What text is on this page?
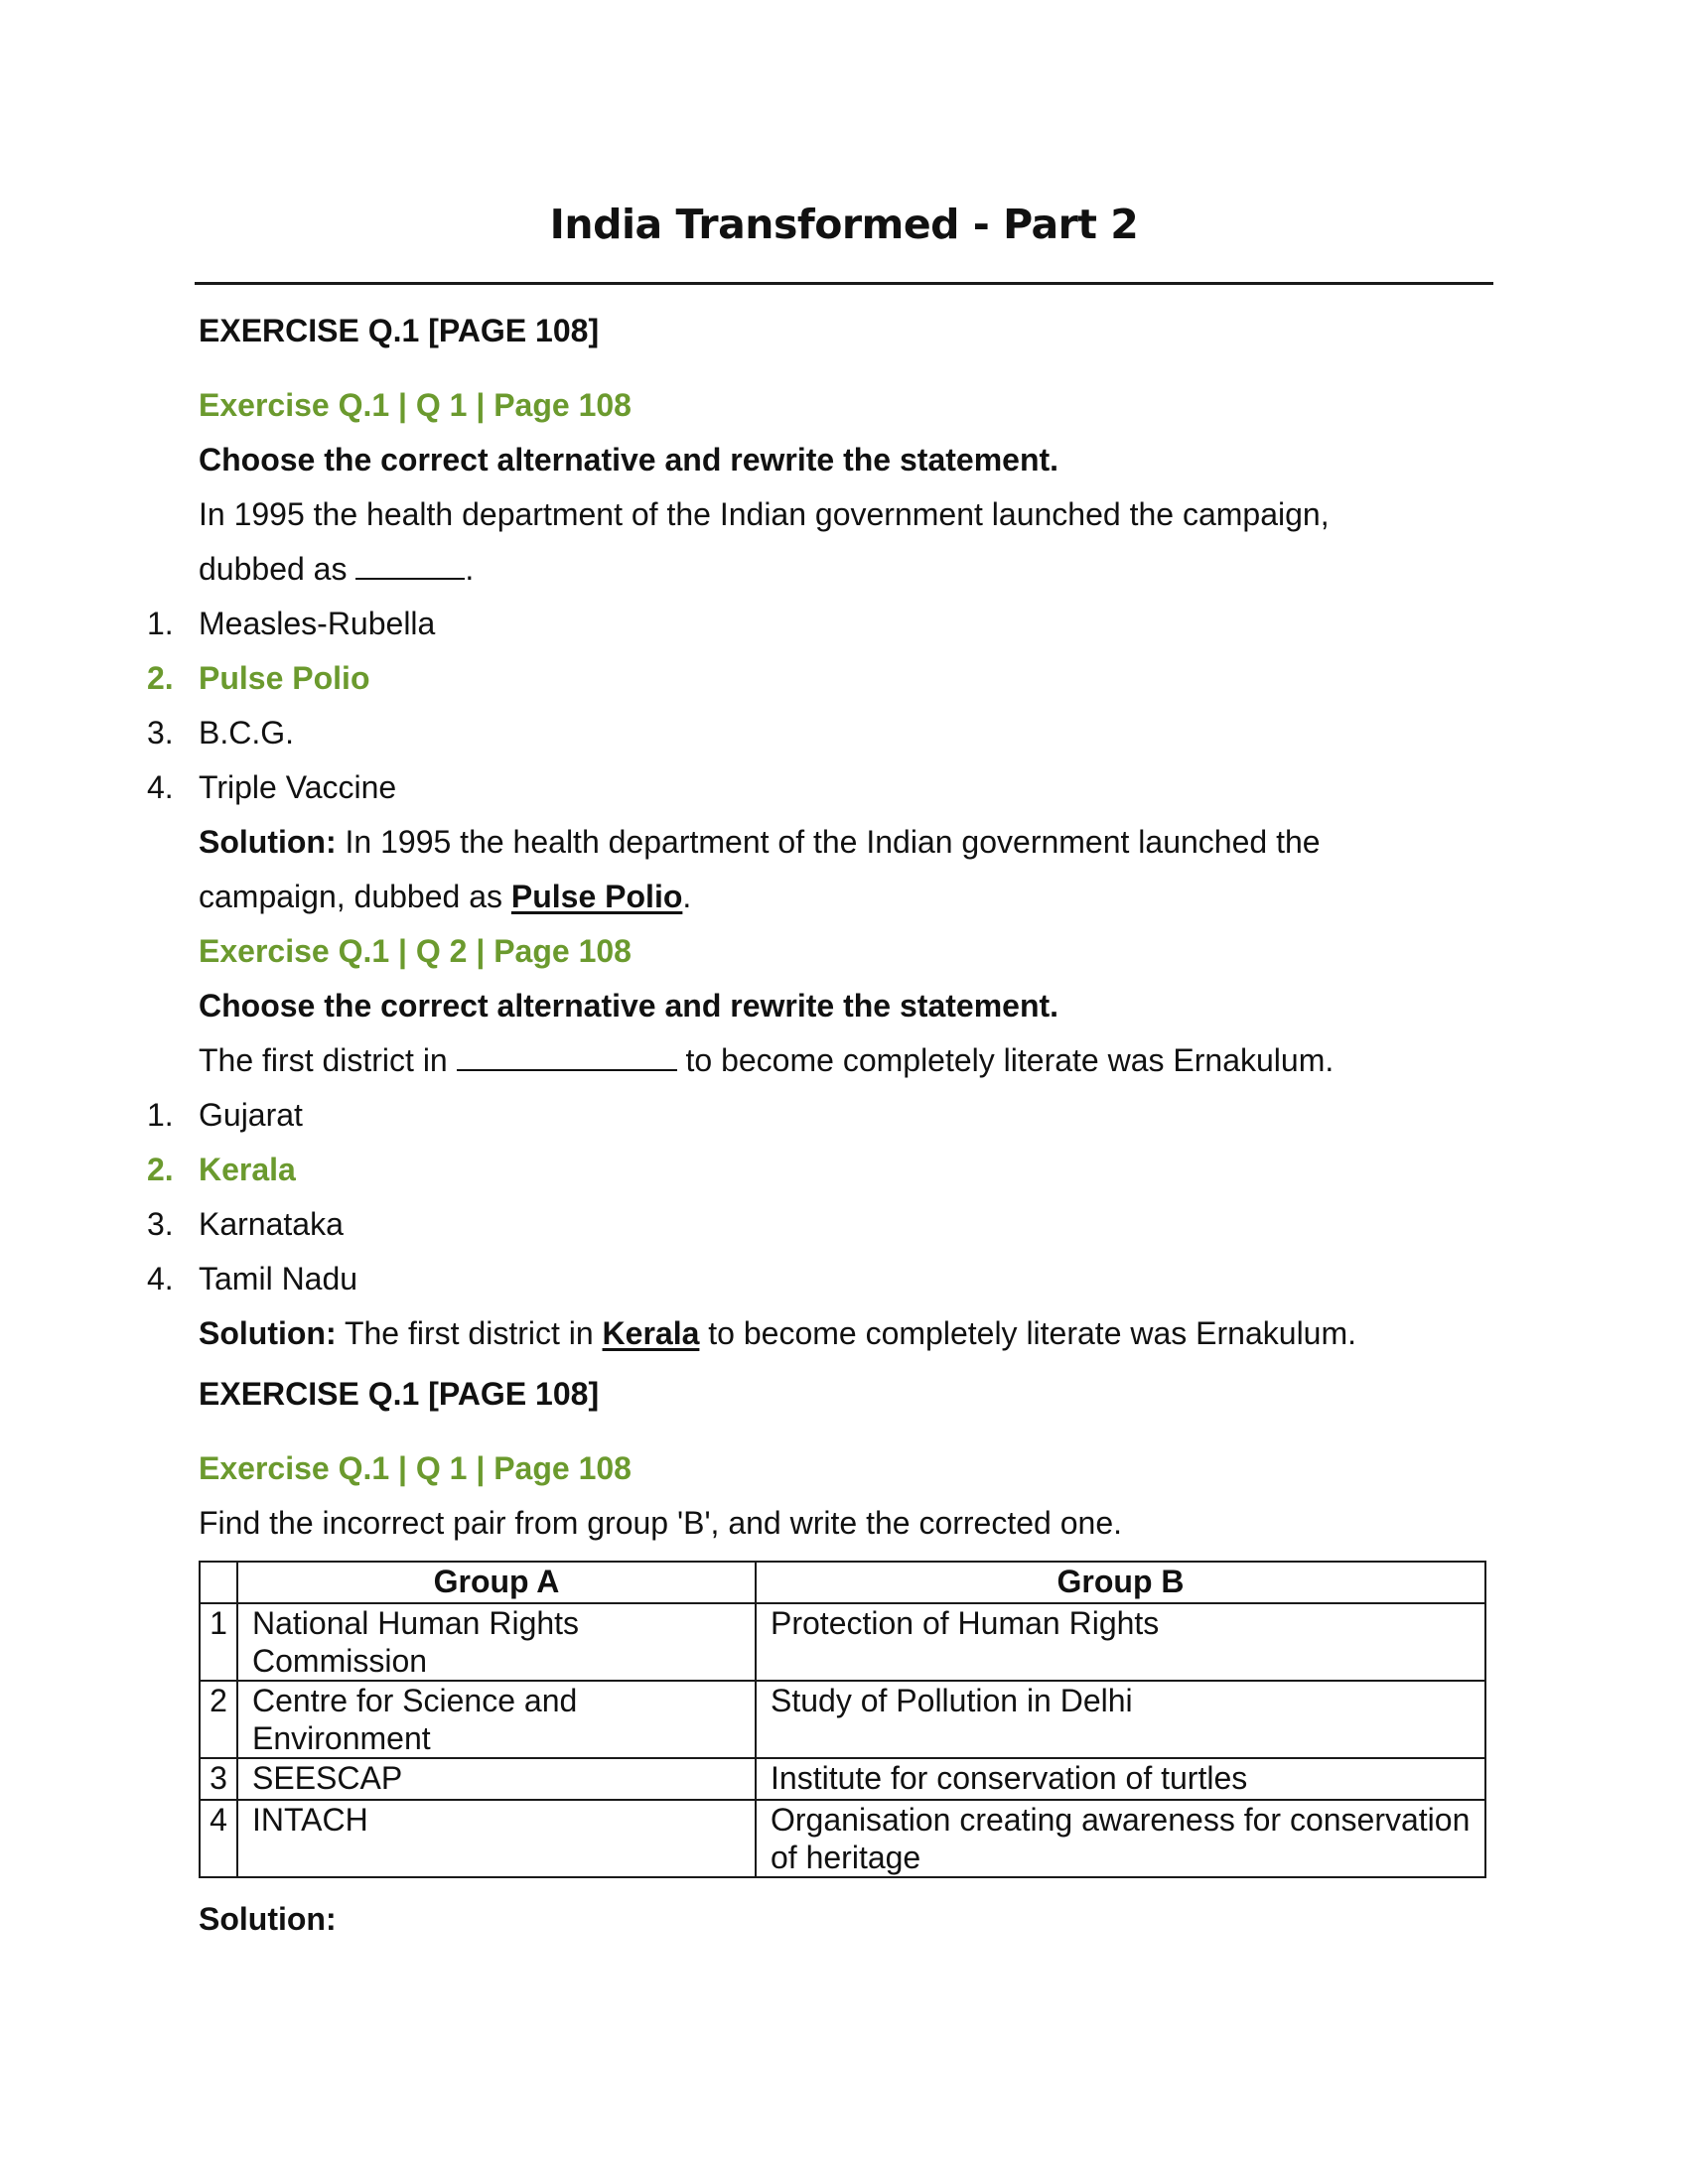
India Transformed - Part 2
EXERCISE Q.1 [PAGE 108]
Exercise Q.1 | Q 1 | Page 108
Choose the correct alternative and rewrite the statement.
In 1995 the health department of the Indian government launched the campaign,
dubbed as	.
1. Measles-Rubella
2. Pulse Polio
3. B.C.G.
4. Triple Vaccine
Solution: In 1995 the health department of the Indian government launched the
campaign, dubbed as Pulse Polio.
Exercise Q.1 | Q 2 | Page 108
Choose the correct alternative and rewrite the statement.
The first district in	to become completely literate was Ernakulum.
1. Gujarat
2. Kerala
3. Karnataka
4. Tamil Nadu
Solution: The first district in Kerala to become completely literate was Ernakulum.
EXERCISE Q.1 [PAGE 108]
Exercise Q.1 | Q 1 | Page 108
Find the incorrect pair from group 'B', and write the corrected one.
	Group A	Group B
1	National Human Rights Commission	Protection of Human Rights
2	Centre for Science and Environment	Study of Pollution in Delhi
3	SEESCAP	Institute for conservation of turtles
4	INTACH	Organisation creating awareness for conservation of heritage
Solution:
